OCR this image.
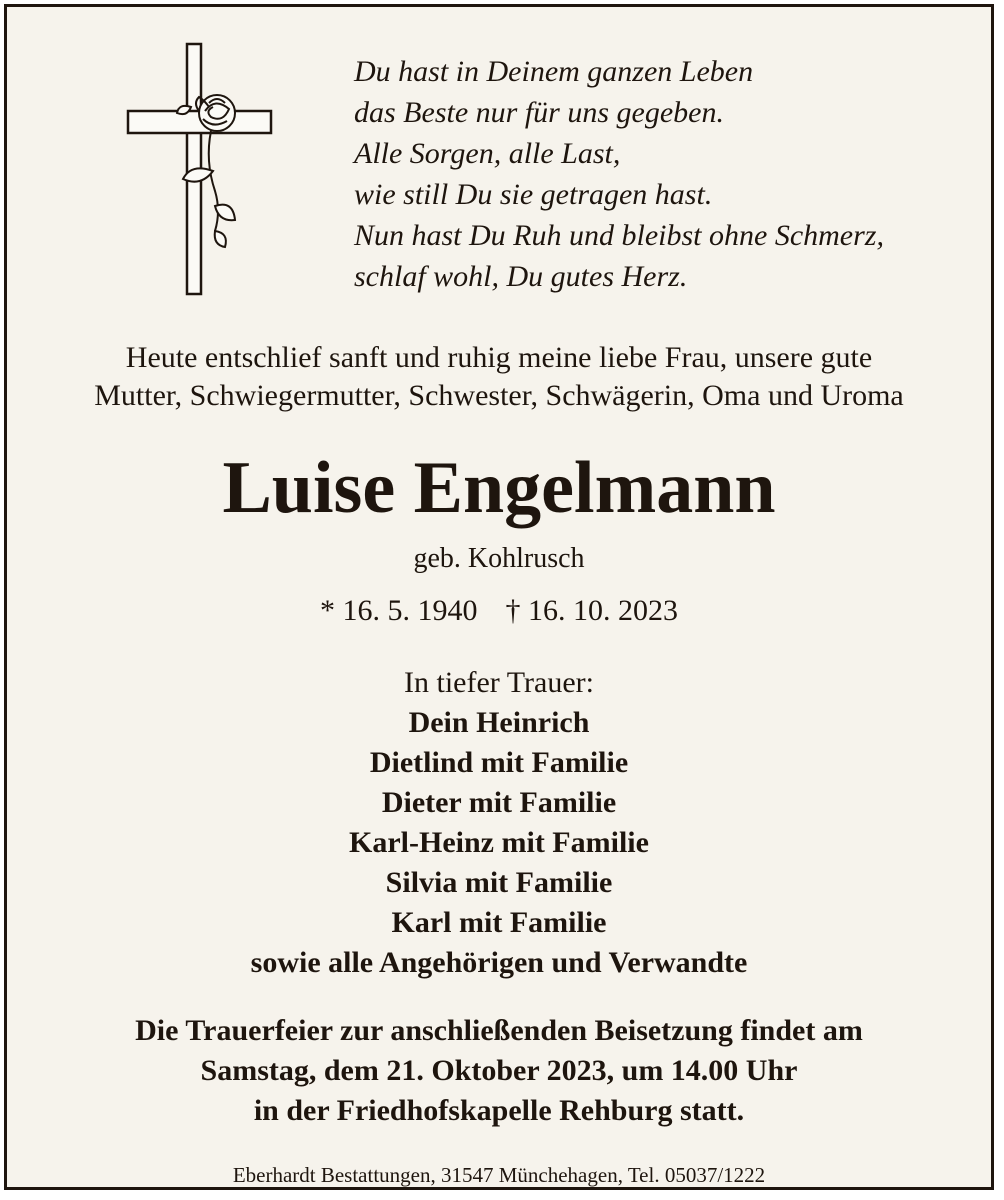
Du hast in Deinem ganzen Leben
das Beste nur für uns gegeben.
Alle Sorgen, alle Last,
wie still Du sie getragen hast.
Nun hast Du Ruh und bleibst ohne Schmerz,
schlaf wohl, Du gutes Herz.
Heute entschlief sanft und ruhig meine liebe Frau, unsere gute
Mutter, Schwiegermutter, Schwester, Schwägerin, Oma und Uroma
Luise Engelmann
geb. Kohlrusch
* 16. 5. 1940 † 16. 10. 2023
In tiefer Trauer:
Dein Heinrich
Dietlind mit Familie
Dieter mit Familie
Karl-Heinz mit Familie
Silvia mit Familie
Karl mit Familie
sowie alle Angehörigen und Verwandte
Die Trauerfeier zur anschließenden Beisetzung findet am
Samstag, dem 21. Oktober 2023, um 14.00 Uhr
in der Friedhofskapelle Rehburg statt.
Eberhardt Bestattungen, 31547 Münchehagen, Tel. 05037/1222
